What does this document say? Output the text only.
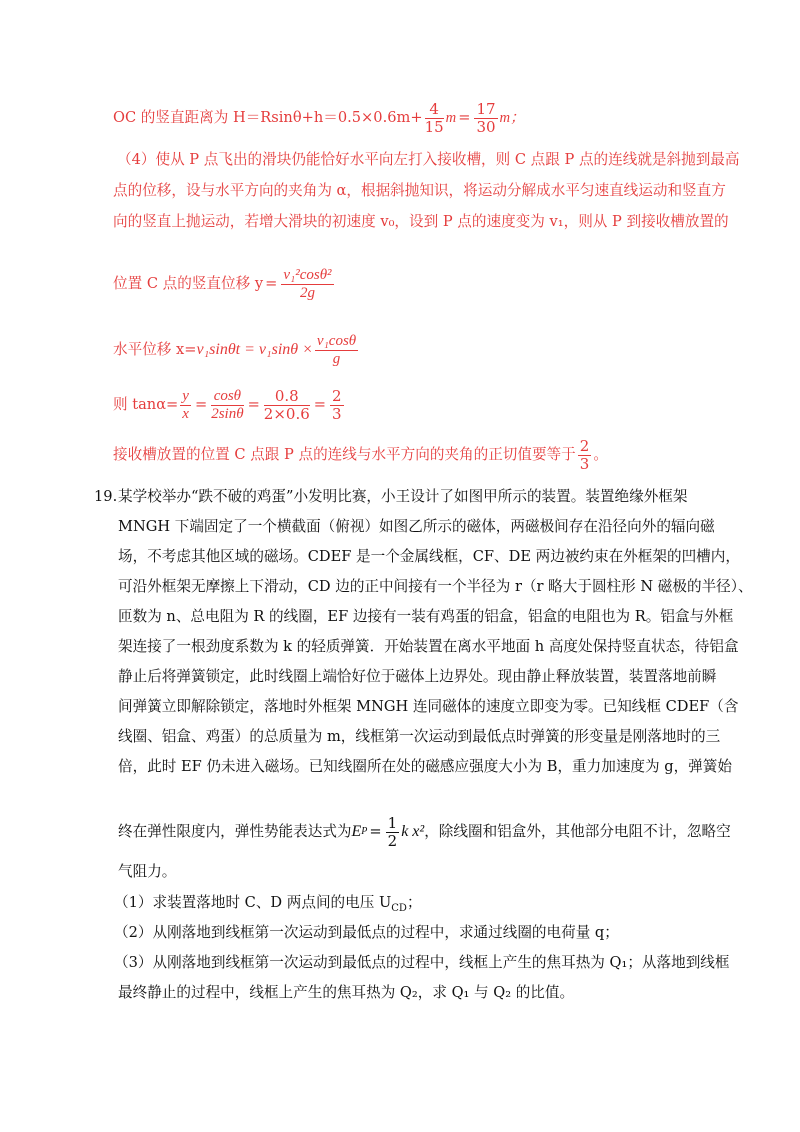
OC 的竖直距离为 $H=Rsin\theta+h=0.5\times 0.6m+ \frac{4}{15}$ $m = \frac{17}{30}$ m；
（4）使从 P 点飞出的滑块仍能恰好水平向左打入接收槽，则 C 点跟 P 点的连线就是斜抛到最高
点的位移，设与水平方向的夹角为 α，根据斜抛知识，将运动分解成水平匀速直线运动和竖直方
向的竖直上抛运动，若增大滑块的初速度 v₀，设到 P 点的速度变为 v₁，则从 P 到接收槽放置的
位置 C 点的竖直位移 $y = \frac{\text{v₁²cosθ²}}{2g}$
水平位移 $x= v_1\sin\theta t = v_1\sin\theta \times \frac{\text{v₁cosθ}}{g}$
则 $\tan\alpha= \frac{y}{x} = \frac{\cos\theta}{2\sin\theta} = \frac{0.8}{2\times 0.6} = \frac{2}{3}$
接收槽放置的位置 C 点跟 P 点的连线与水平方向的夹角的正切值要等于 $\frac{2}{3}$ 。
19. 某学校举办“跌不破的鸡蛋”小发明比赛，小王设计了如图甲所示的装置。装置绝缘外框架
MNGH 下端固定了一个横截面（俯视）如图乙所示的磁体，两磁极间存在沿径向外的辐向磁
场，不考虑其他区域的磁场。CDEF 是一个金属线框，CF、DE 两边被约束在外框架的凹槽内，
可沿外框架无摩擦上下滑动，CD 边的正中间接有一个半径为 r（r 略大于圆柱形 N 磁极的半径）、
匝数为 n、总电阻为 R 的线圈，EF 边接有一装有鸡蛋的铝盒，铝盒的电阻也为 R。铝盒与外框
架连接了一根劲度系数为 k 的轻质弹簧．开始装置在离水平地面 h 高度处保持竖直状态，待铝盒
静止后将弹簧锁定，此时线圈上端恰好位于磁体上边界处。现由静止释放装置，装置落地前瞬
间弹簧立即解除锁定，落地时外框架 MNGH 连同磁体的速度立即变为零。已知线框 CDEF（含
线圈、铝盒、鸡蛋）的总质量为 m，线框第一次运动到最低点时弹簧的形变量是刚落地时的三
倍，此时 EF 仍未进入磁场。已知线圈所在处的磁感应强度大小为 B，重力加速度为 g，弹簧始
终在弹性限度内，弹性势能表达式为 E $P = \frac{1}{2}$ k x² ，除线圈和铝盒外，其他部分电阻不计，忽略空
气阻力。
（1）求装置落地时 C、D 两点间的电压 $U_{CD}$；
（2）从刚落地到线框第一次运动到最低点的过程中，求通过线圈的电荷量 q；
（3）从刚落地到线框第一次运动到最低点的过程中，线框上产生的焦耳热为 Q₁；从落地到线框
最终静止的过程中，线框上产生的焦耳热为 Q₂，求 Q₁ 与 Q₂ 的比值。
